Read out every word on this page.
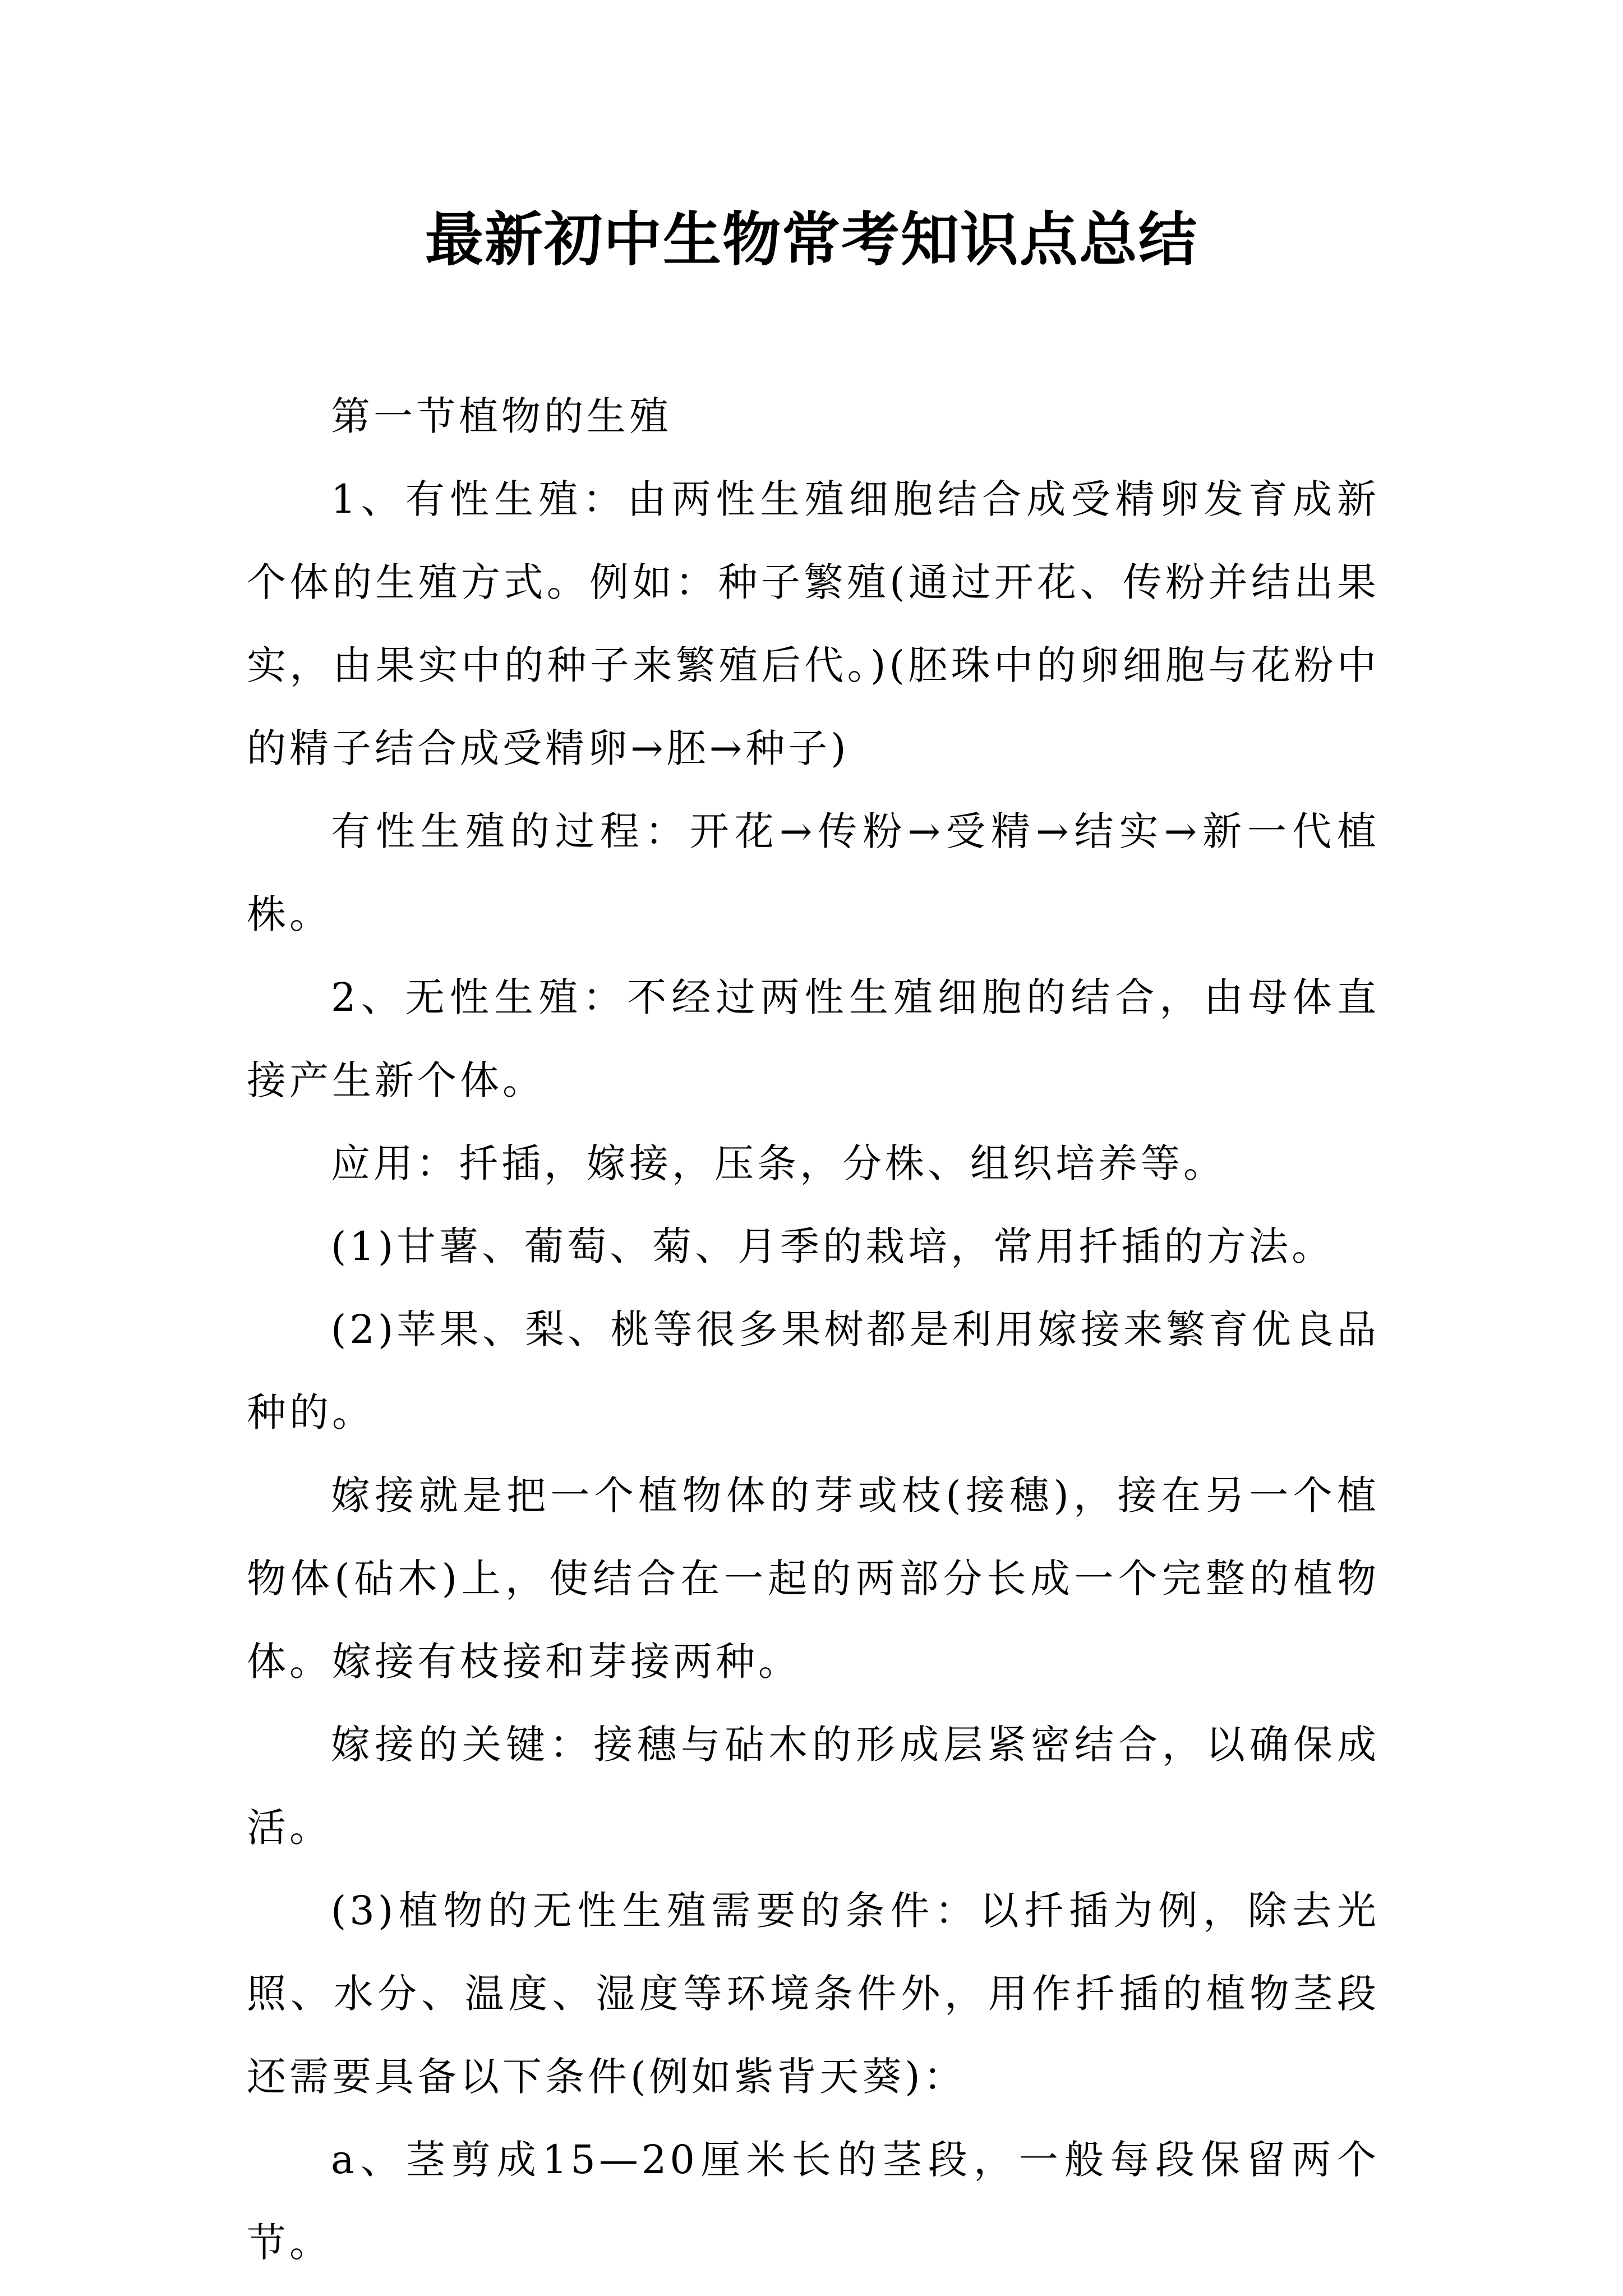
最新初中生物常考知识点总结

第一节植物的生殖

1、有性生殖：由两性生殖细胞结合成受精卵发育成新个体的生殖方式。例如：种子繁殖(通过开花、传粉并结出果实，由果实中的种子来繁殖后代。)(胚珠中的卵细胞与花粉中的精子结合成受精卵→胚→种子)

有性生殖的过程：开花→传粉→受精→结实→新一代植株。

2、无性生殖：不经过两性生殖细胞的结合，由母体直接产生新个体。

应用：扦插，嫁接，压条，分株、组织培养等。

(1)甘薯、葡萄、菊、月季的栽培，常用扦插的方法。

(2)苹果、梨、桃等很多果树都是利用嫁接来繁育优良品种的。

嫁接就是把一个植物体的芽或枝(接穗)，接在另一个植物体(砧木)上，使结合在一起的两部分长成一个完整的植物体。嫁接有枝接和芽接两种。

嫁接的关键：接穗与砧木的形成层紧密结合，以确保成活。

(3)植物的无性生殖需要的条件：以扦插为例，除去光照、水分、温度、湿度等环境条件外，用作扦插的植物茎段还需要具备以下条件(例如紫背天葵)：

a、茎剪成15—20厘米长的茎段，一般每段保留两个节。
